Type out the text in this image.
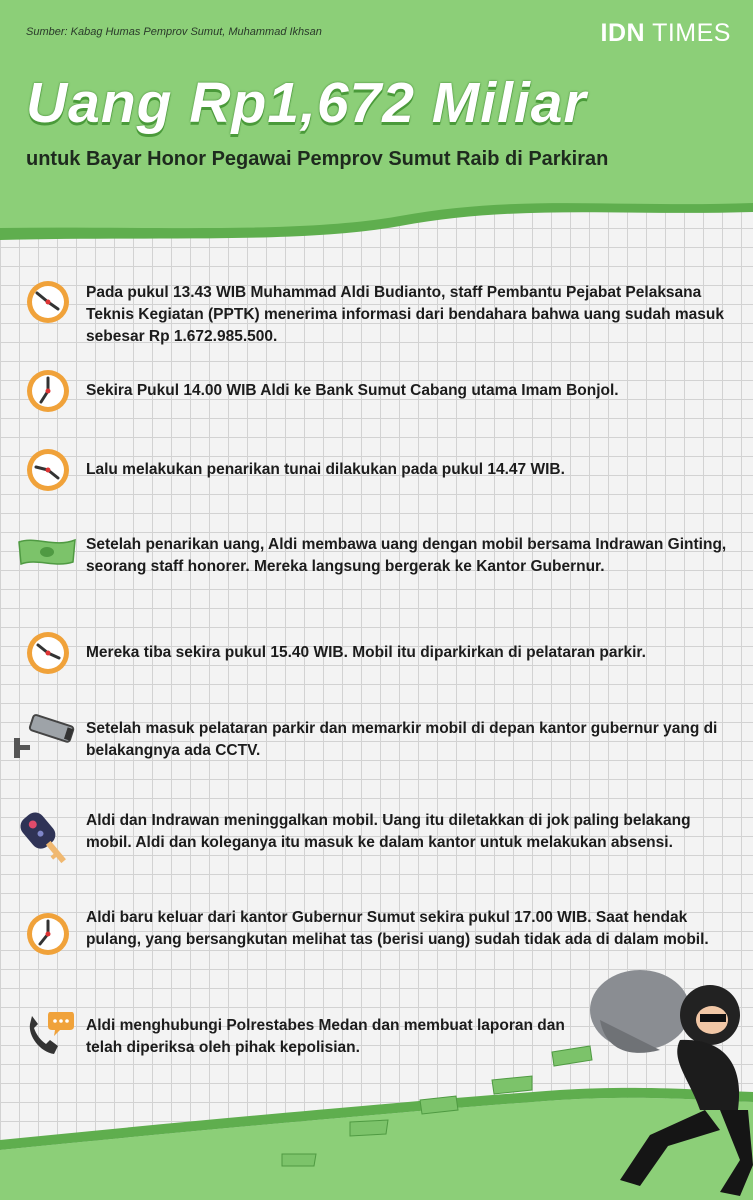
Sumber: Kabag Humas Pemprov Sumut, Muhammad Ikhsan	IDN TIMES
Uang Rp1,672 Miliar
untuk Bayar Honor Pegawai Pemprov Sumut Raib di Parkiran
Pada pukul 13.43 WIB Muhammad Aldi Budianto, staff Pembantu Pejabat Pelaksana Teknis Kegiatan (PPTK) menerima informasi dari bendahara bahwa uang sudah masuk sebesar Rp 1.672.985.500.
Sekira Pukul 14.00 WIB Aldi ke Bank Sumut Cabang utama Imam Bonjol.
Lalu melakukan penarikan tunai dilakukan pada pukul 14.47 WIB.
Setelah penarikan uang, Aldi membawa uang dengan mobil bersama Indrawan Ginting, seorang staff honorer. Mereka langsung bergerak ke Kantor Gubernur.
Mereka tiba sekira pukul 15.40 WIB. Mobil itu diparkirkan di pelataran parkir.
Setelah masuk pelataran parkir dan memarkir mobil di depan kantor gubernur yang di belakangnya ada CCTV.
Aldi dan Indrawan meninggalkan mobil. Uang itu diletakkan di jok paling belakang mobil. Aldi dan koleganya itu masuk ke dalam kantor untuk melakukan absensi.
Aldi baru keluar dari kantor Gubernur Sumut sekira pukul 17.00 WIB. Saat hendak pulang, yang bersangkutan melihat tas (berisi uang) sudah tidak ada di dalam mobil.
Aldi menghubungi Polrestabes Medan dan membuat laporan dan telah diperiksa oleh pihak kepolisian.
